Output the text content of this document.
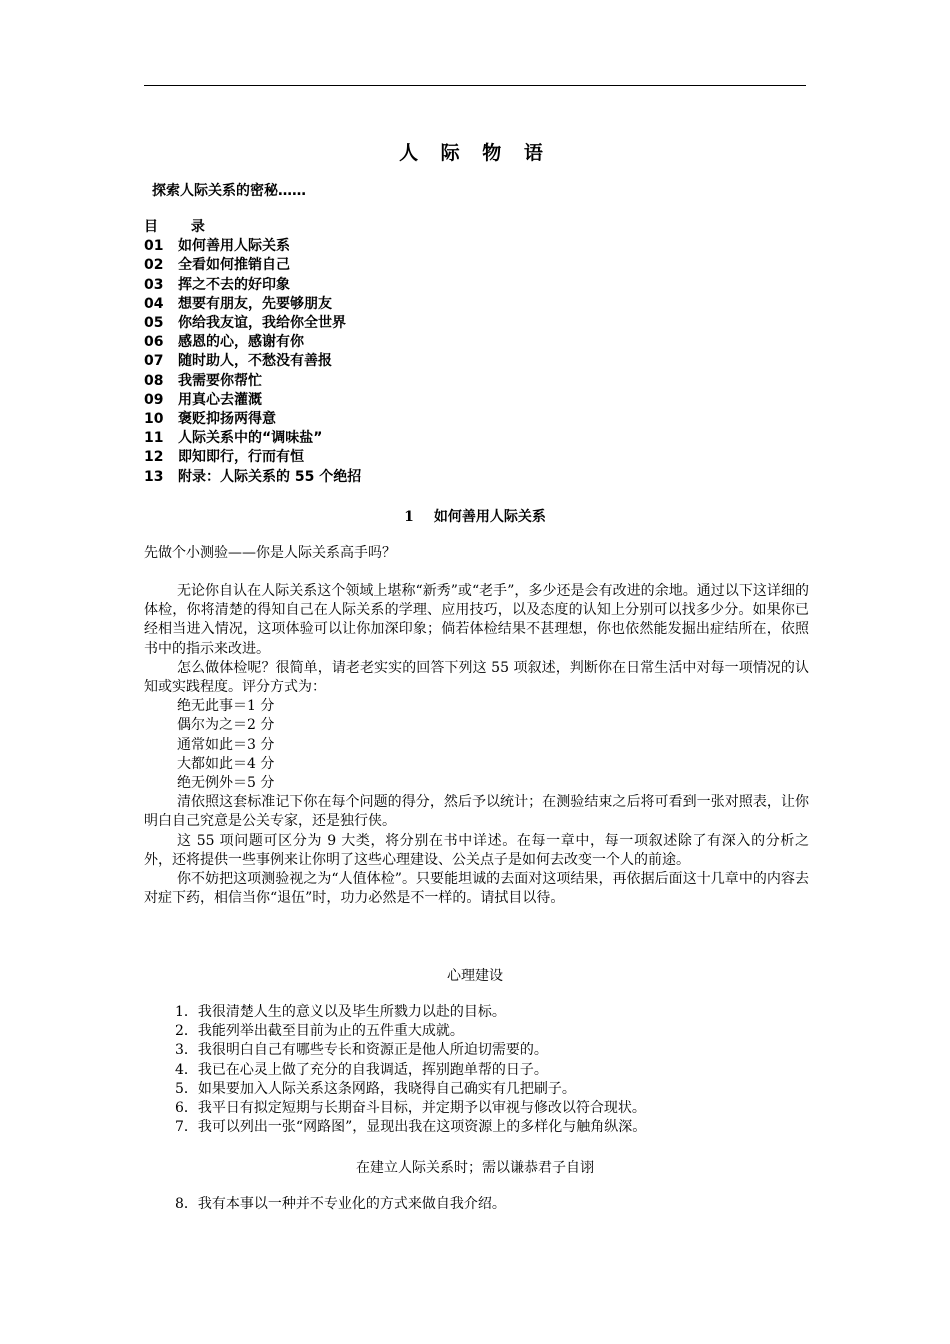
人 际 物 语
探索人际关系的密秘……
目 录
01 如何善用人际关系
02 全看如何推销自己
03 挥之不去的好印象
04 想要有朋友，先要够朋友
05 你给我友谊，我给你全世界
06 感恩的心，感谢有你
07 随时助人，不愁没有善报
08 我需要你帮忙
09 用真心去灌溉
10 褒贬抑扬两得意
11 人际关系中的“调味盐”
12 即知即行，行而有恒
13 附录：人际关系的 55 个绝招
1 如何善用人际关系
先做个小测验——你是人际关系高手吗？

无论你自认在人际关系这个领域上堪称“新秀”或“老手”，多少还是会有改进的余地。通过以下这详细的体检，你将清楚的得知自己在人际关系的学理、应用技巧，以及态度的认知上分别可以找多少分。如果你已经相当进入情况，这项体验可以让你加深印象；倘若体检结果不甚理想，你也依然能发掘出症结所在，依照书中的指示来改进。

怎么做体检呢？很简单，请老老实实的回答下列这 55 项叙述，判断你在日常生活中对每一项情况的认知或实践程度。评分方式为：

绝无此事＝1 分
偶尔为之＝2 分
通常如此＝3 分
大都如此＝4 分
绝无例外＝5 分

清依照这套标准记下你在每个问题的得分，然后予以统计；在测验结束之后将可看到一张对照表，让你明白自己究意是公关专家，还是独行侠。

这 55 项问题可区分为 9 大类，将分别在书中详述。在每一章中，每一项叙述除了有深入的分析之外，还将提供一些事例来让你明了这些心理建设、公关点子是如何去改变一个人的前途。

你不妨把这项测验视之为“人值体检”。只要能坦诚的去面对这项结果，再依据后面这十几章中的内容去对症下药，相信当你“退伍”时，功力必然是不一样的。请拭目以待。

心理建设
1．我很清楚人生的意义以及毕生所戮力以赴的目标。
2．我能列举出截至目前为止的五件重大成就。
3．我很明白自己有哪些专长和资源正是他人所迫切需要的。
4．我已在心灵上做了充分的自我调适，挥别跑单帮的日子。
5．如果要加入人际关系这条网路，我晓得自己确实有几把刷子。
6．我平日有拟定短期与长期奋斗目标，并定期予以审视与修改以符合现状。
7．我可以列出一张“网路图”，显现出我在这项资源上的多样化与触角纵深。
在建立人际关系时；需以谦恭君子自诩
8．我有本事以一种并不专业化的方式来做自我介绍。
